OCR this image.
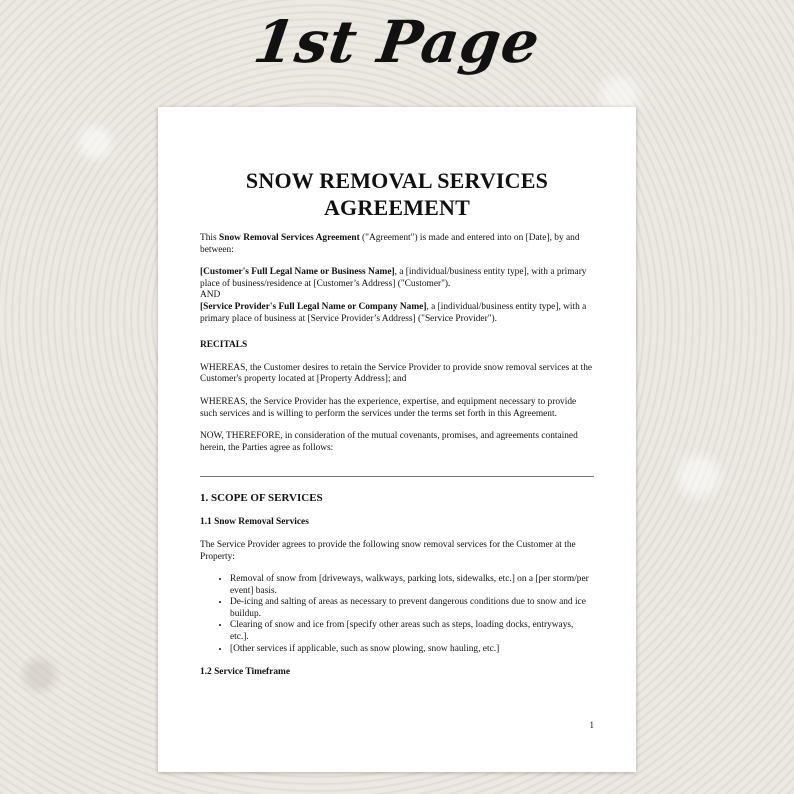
1st Page
SNOW REMOVAL SERVICES AGREEMENT

This Snow Removal Services Agreement ("Agreement") is made and entered into on [Date], by and between:

[Customer's Full Legal Name or Business Name], a [individual/business entity type], with a primary place of business/residence at [Customer’s Address] ("Customer").

AND

[Service Provider's Full Legal Name or Company Name], a [individual/business entity type], with a primary place of business at [Service Provider’s Address] ("Service Provider").

RECITALS

WHEREAS, the Customer desires to retain the Service Provider to provide snow removal services at the Customer's property located at [Property Address]; and

WHEREAS, the Service Provider has the experience, expertise, and equipment necessary to provide such services and is willing to perform the services under the terms set forth in this Agreement.

NOW, THEREFORE, in consideration of the mutual covenants, promises, and agreements contained herein, the Parties agree as follows:

1. SCOPE OF SERVICES
1.1 Snow Removal Services

The Service Provider agrees to provide the following snow removal services for the Customer at the Property:

• Removal of snow from [driveways, walkways, parking lots, sidewalks, etc.] on a [per storm/per event] basis.
• De-icing and salting of areas as necessary to prevent dangerous conditions due to snow and ice buildup.
• Clearing of snow and ice from [specify other areas such as steps, loading docks, entryways, etc.].
• [Other services if applicable, such as snow plowing, snow hauling, etc.]
1.2 Service Timeframe
1
